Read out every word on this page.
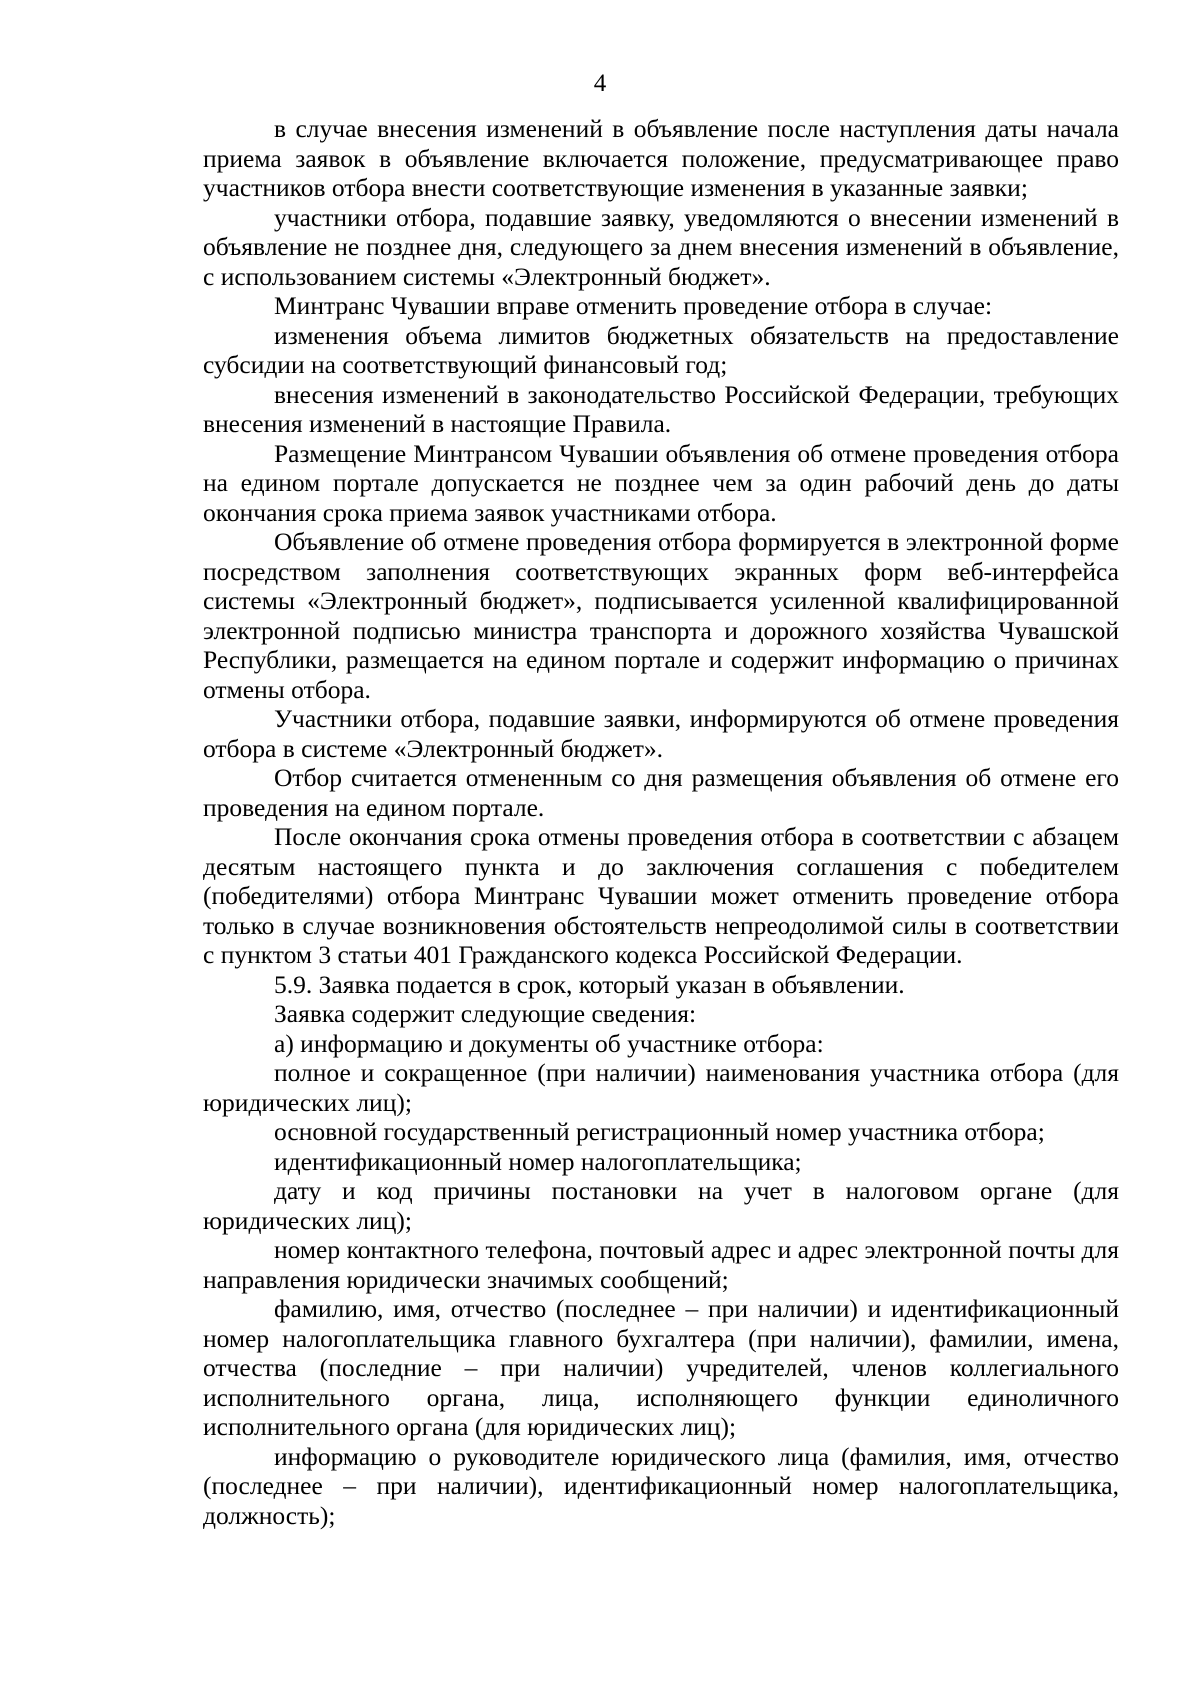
4

в случае внесения изменений в объявление после наступления даты начала приема заявок в объявление включается положение, предусматривающее право участников отбора внести соответствующие изменения в указанные заявки;

участники отбора, подавшие заявку, уведомляются о внесении изменений в объявление не позднее дня, следующего за днем внесения изменений в объявление, с использованием системы «Электронный бюджет».

Минтранс Чувашии вправе отменить проведение отбора в случае:

изменения объема лимитов бюджетных обязательств на предоставление субсидии на соответствующий финансовый год;

внесения изменений в законодательство Российской Федерации, требующих внесения изменений в настоящие Правила.

Размещение Минтрансом Чувашии объявления об отмене проведения отбора на едином портале допускается не позднее чем за один рабочий день до даты окончания срока приема заявок участниками отбора.

Объявление об отмене проведения отбора формируется в электронной форме посредством заполнения соответствующих экранных форм веб-интерфейса системы «Электронный бюджет», подписывается усиленной квалифицированной электронной подписью министра транспорта и дорожного хозяйства Чувашской Республики, размещается на едином портале и содержит информацию о причинах отмены отбора.

Участники отбора, подавшие заявки, информируются об отмене проведения отбора в системе «Электронный бюджет».

Отбор считается отмененным со дня размещения объявления об отмене его проведения на едином портале.

После окончания срока отмены проведения отбора в соответствии с абзацем десятым настоящего пункта и до заключения соглашения с победителем (победителями) отбора Минтранс Чувашии может отменить проведение отбора только в случае возникновения обстоятельств непреодолимой силы в соответствии с пунктом 3 статьи 401 Гражданского кодекса Российской Федерации.

5.9. Заявка подается в срок, который указан в объявлении.

Заявка содержит следующие сведения:

а) информацию и документы об участнике отбора:

полное и сокращенное (при наличии) наименования участника отбора (для юридических лиц);

основной государственный регистрационный номер участника отбора;

идентификационный номер налогоплательщика;

дату и код причины постановки на учет в налоговом органе (для юридических лиц);

номер контактного телефона, почтовый адрес и адрес электронной почты для направления юридически значимых сообщений;

фамилию, имя, отчество (последнее – при наличии) и идентификационный номер налогоплательщика главного бухгалтера (при наличии), фамилии, имена, отчества (последние – при наличии) учредителей, членов коллегиального исполнительного органа, лица, исполняющего функции единоличного исполнительного органа (для юридических лиц);

информацию о руководителе юридического лица (фамилия, имя, отчество (последнее – при наличии), идентификационный номер налогоплательщика, должность);
